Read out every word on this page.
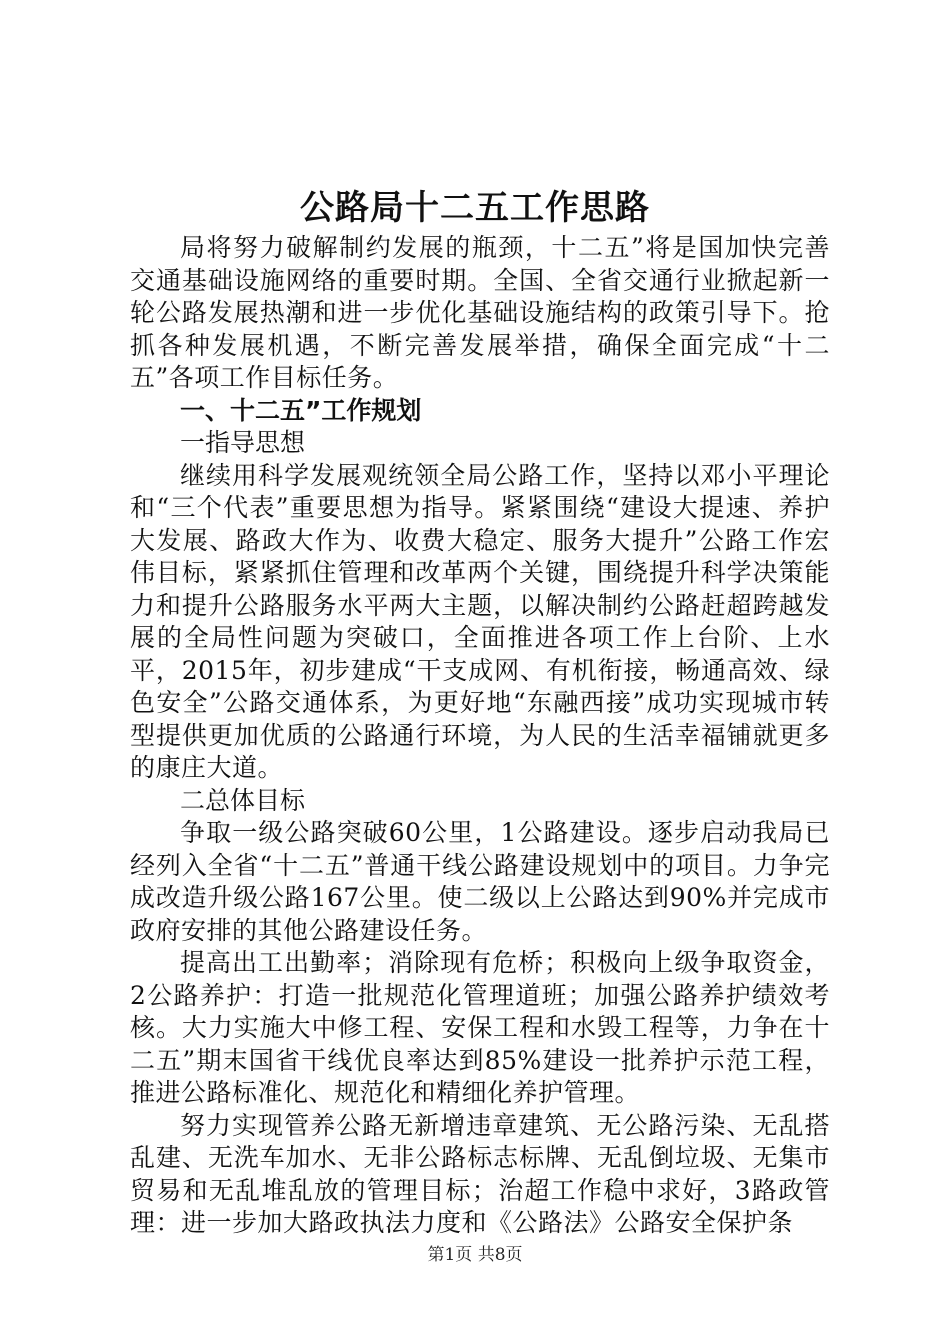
公路局十二五工作思路

局将努力破解制约发展的瓶颈，十二五”将是国加快完善交通基础设施网络的重要时期。全国、全省交通行业掀起新一轮公路发展热潮和进一步优化基础设施结构的政策引导下。抢抓各种发展机遇，不断完善发展举措，确保全面完成“十二五”各项工作目标任务。

一、十二五”工作规划

一指导思想

继续用科学发展观统领全局公路工作，坚持以邓小平理论和“三个代表”重要思想为指导。紧紧围绕“建设大提速、养护大发展、路政大作为、收费大稳定、服务大提升”公路工作宏伟目标，紧紧抓住管理和改革两个关键，围绕提升科学决策能力和提升公路服务水平两大主题，以解决制约公路赶超跨越发展的全局性问题为突破口，全面推进各项工作上台阶、上水平，2015年，初步建成“干支成网、有机衔接，畅通高效、绿色安全”公路交通体系，为更好地“东融西接”成功实现城市转型提供更加优质的公路通行环境，为人民的生活幸福铺就更多的康庄大道。

二总体目标

争取一级公路突破60公里，1公路建设。逐步启动我局已经列入全省“十二五”普通干线公路建设规划中的项目。力争完成改造升级公路167公里。使二级以上公路达到90%并完成市政府安排的其他公路建设任务。

提高出工出勤率；消除现有危桥；积极向上级争取资金，2公路养护：打造一批规范化管理道班；加强公路养护绩效考核。大力实施大中修工程、安保工程和水毁工程等，力争在十二五”期末国省干线优良率达到85%建设一批养护示范工程，推进公路标准化、规范化和精细化养护管理。

努力实现管养公路无新增违章建筑、无公路污染、无乱搭乱建、无洗车加水、无非公路标志标牌、无乱倒垃圾、无集市贸易和无乱堆乱放的管理目标；治超工作稳中求好，3路政管理：进一步加大路政执法力度和《公路法》公路安全保护条

第1页 共8页
